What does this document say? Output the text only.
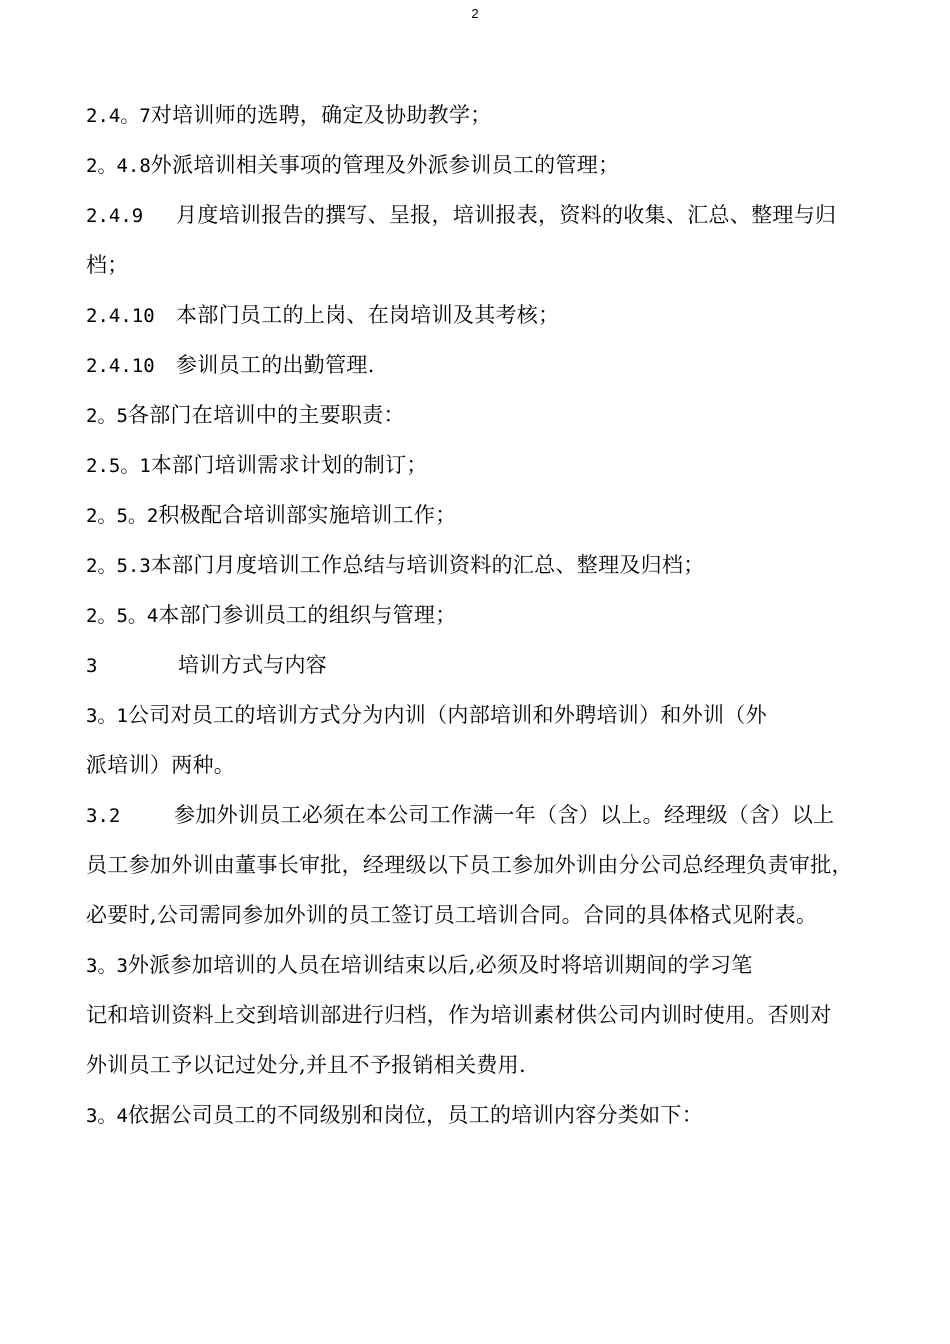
2
2.4。7对培训师的选聘，确定及协助教学；
2。4.8外派培训相关事项的管理及外派参训员工的管理；
2.4.9 月度培训报告的撰写、呈报，培训报表，资料的收集、汇总、整理与归
档；
2.4.10 本部门员工的上岗、在岗培训及其考核；
2.4.10 参训员工的出勤管理.
2。5各部门在培训中的主要职责：
2.5。1本部门培训需求计划的制订；
2。5。2积极配合培训部实施培训工作；
2。5.3本部门月度培训工作总结与培训资料的汇总、整理及归档；
2。5。4本部门参训员工的组织与管理；
3	培训方式与内容
3。1公司对员工的培训方式分为内训（内部培训和外聘培训）和外训（外
派培训）两种。
3.2	参加外训员工必须在本公司工作满一年（含）以上。经理级（含）以上
员工参加外训由董事长审批，经理级以下员工参加外训由分公司总经理负责审批，
必要时,公司需同参加外训的员工签订员工培训合同。合同的具体格式见附表。
3。3外派参加培训的人员在培训结束以后,必须及时将培训期间的学习笔
记和培训资料上交到培训部进行归档，作为培训素材供公司内训时使用。否则对
外训员工予以记过处分,并且不予报销相关费用.
3。4依据公司员工的不同级别和岗位，员工的培训内容分类如下：
